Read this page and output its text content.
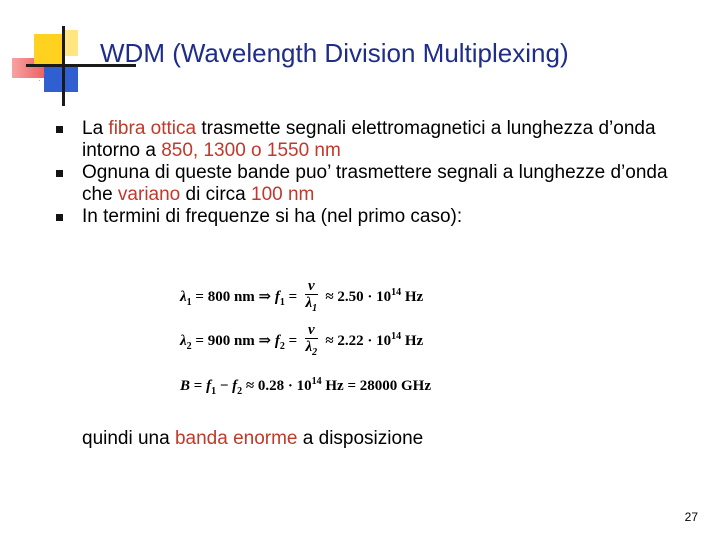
· ·
·
WDM (Wavelength Division Multiplexing)
La fibra ottica trasmette segnali elettromagnetici a lunghezza d’onda intorno a 850, 1300 o 1550 nm
Ognuna di queste bande puo’ trasmettere segnali a lunghezze d’onda che variano di circa 100 nm
In termini di frequenze si ha (nel primo caso):
$\lambda_1 = 800$ nm ⇒ $f_1 = \frac{v}{\lambda_1} \approx 2.50 \cdot 10^{14}$ Hz
$\lambda_2 = 900$ nm ⇒ $f_2 = \frac{v}{\lambda_2} \approx 2.22 \cdot 10^{14}$ Hz
$B = f_1 - f_2 \approx 0.28 \cdot 10^{14}$ Hz = 28000 GHz
quindi una banda enorme a disposizione
27
